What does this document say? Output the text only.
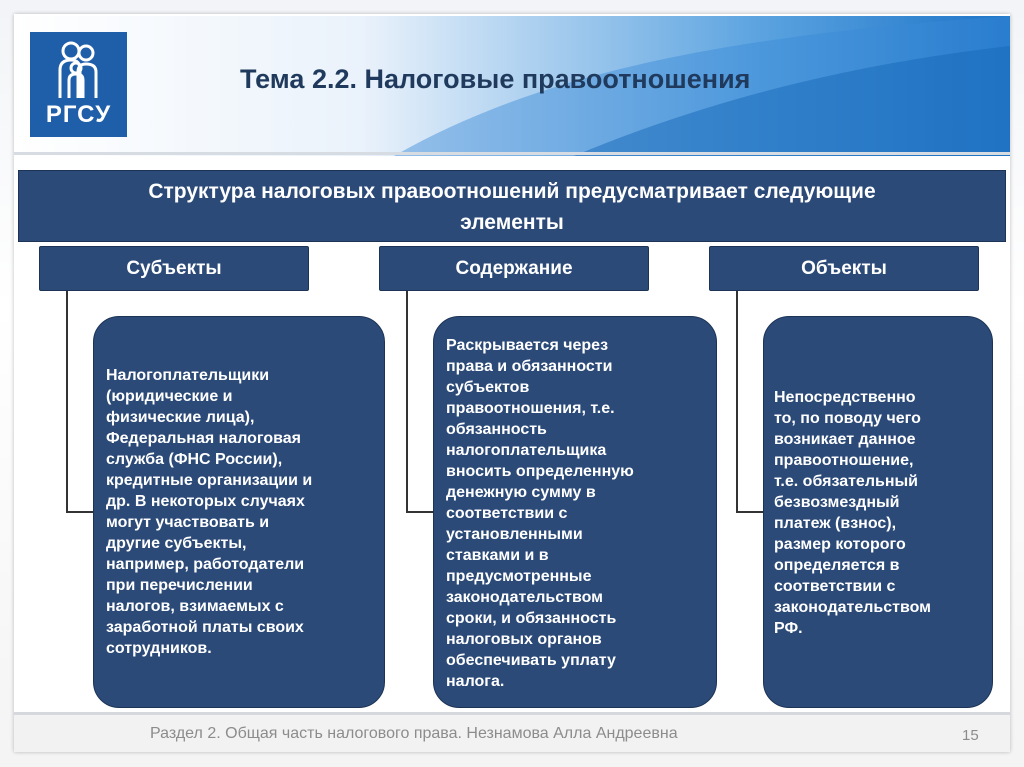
РГСУ
Тема 2.2. Налоговые правоотношения
Структура налоговых правоотношений предусматривает следующие
элементы
Субъекты
Налогоплательщики
(юридические и
физические лица),
Федеральная налоговая
служба (ФНС России),
кредитные организации и
др. В некоторых случаях
могут участвовать и
другие субъекты,
например, работодатели
при перечислении
налогов, взимаемых с
заработной платы своих
сотрудников.
Содержание
Раскрывается через
права и обязанности
субъектов
правоотношения, т.е.
обязанность
налогоплательщика
вносить определенную
денежную сумму в
соответствии с
установленными
ставками и в
предусмотренные
законодательством
сроки, и обязанность
налоговых органов
обеспечивать уплату
налога.
Объекты
Непосредственно
то, по поводу чего
возникает данное
правоотношение,
т.е. обязательный
безвозмездный
платеж (взнос),
размер которого
определяется в
соответствии с
законодательством
РФ.
Раздел 2. Общая часть налогового права. Незнамова Алла Андреевна	15
